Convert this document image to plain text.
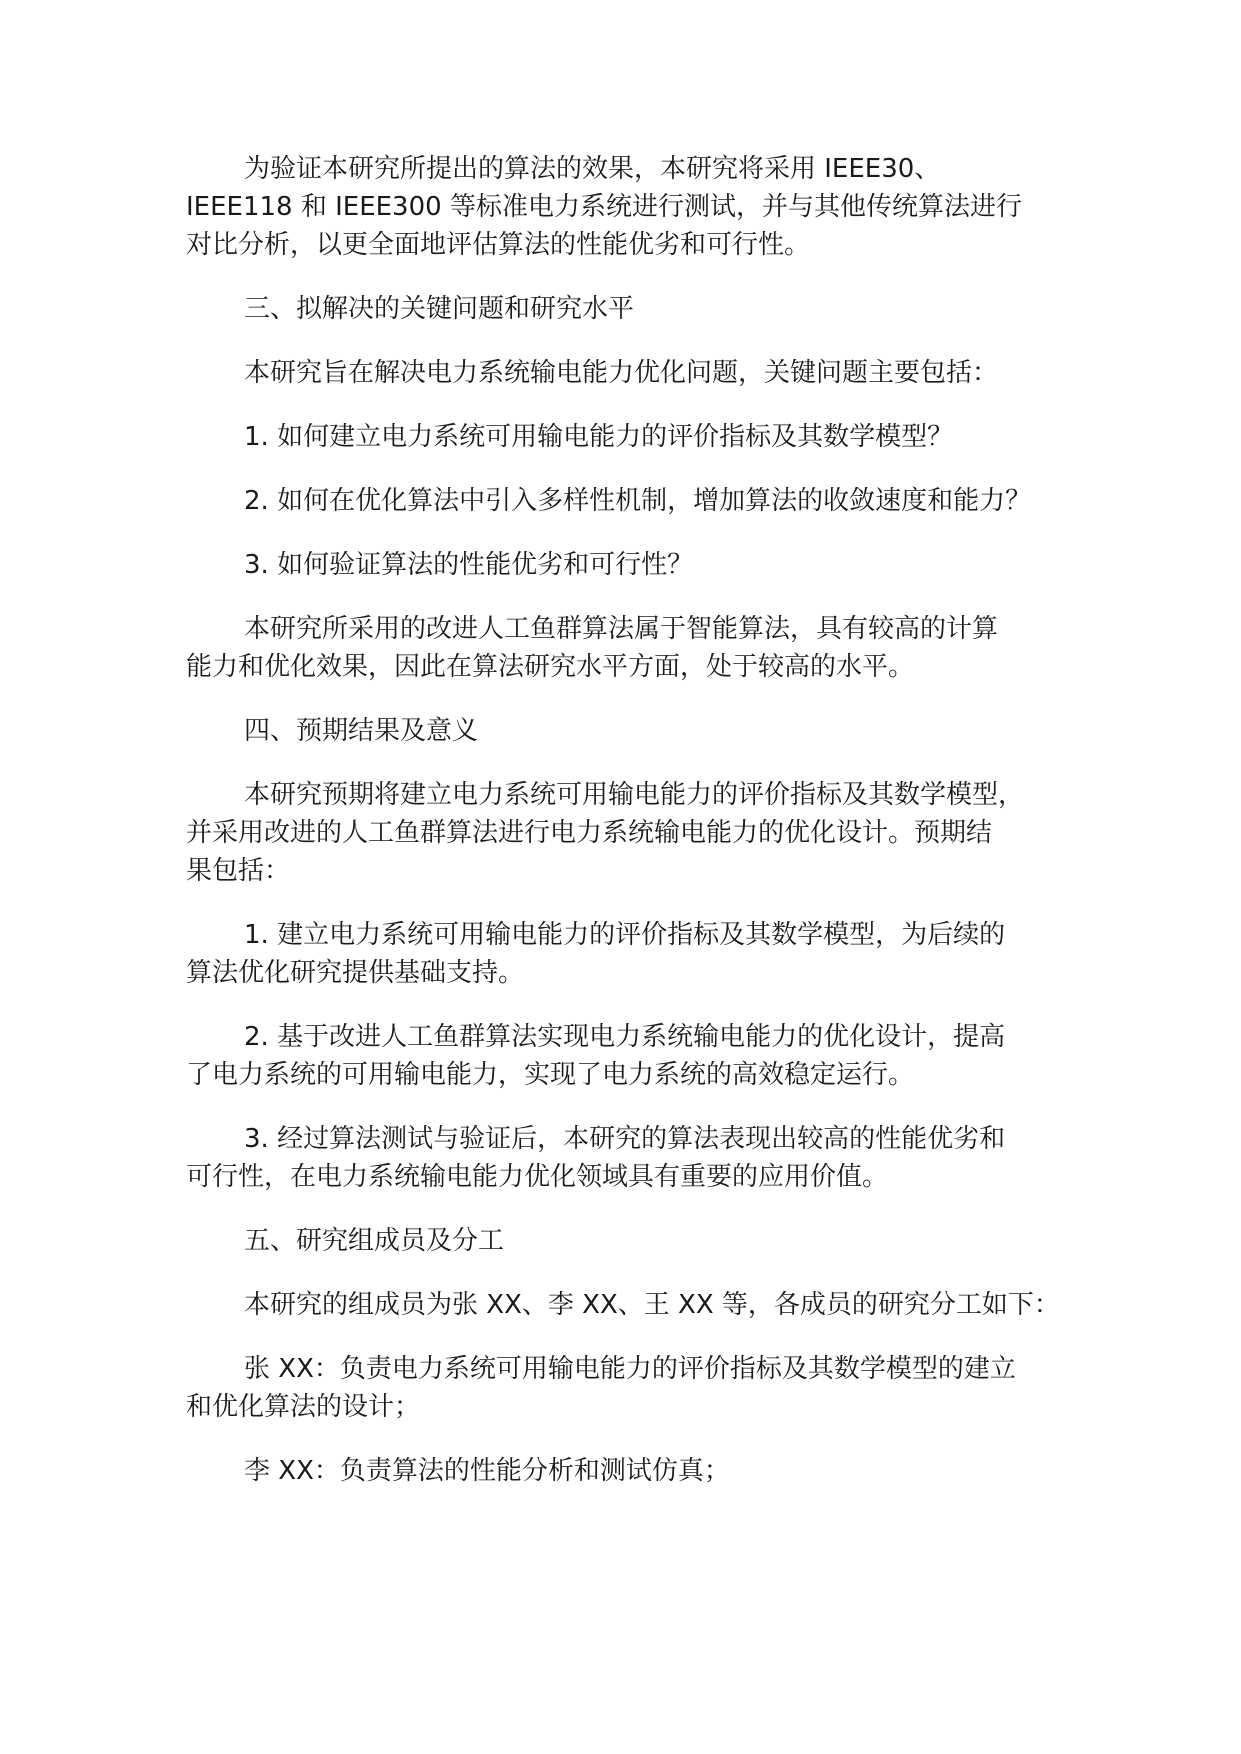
为验证本研究所提出的算法的效果，本研究将采用 IEEE30、
IEEE118 和 IEEE300 等标准电力系统进行测试，并与其他传统算法进行
对比分析，以更全面地评估算法的性能优劣和可行性。

三、拟解决的关键问题和研究水平

本研究旨在解决电力系统输电能力优化问题，关键问题主要包括：

1. 如何建立电力系统可用输电能力的评价指标及其数学模型？

2. 如何在优化算法中引入多样性机制，增加算法的收敛速度和能力？

3. 如何验证算法的性能优劣和可行性？

本研究所采用的改进人工鱼群算法属于智能算法，具有较高的计算
能力和优化效果，因此在算法研究水平方面，处于较高的水平。

四、预期结果及意义

本研究预期将建立电力系统可用输电能力的评价指标及其数学模型，
并采用改进的人工鱼群算法进行电力系统输电能力的优化设计。预期结
果包括：

1. 建立电力系统可用输电能力的评价指标及其数学模型，为后续的
算法优化研究提供基础支持。

2. 基于改进人工鱼群算法实现电力系统输电能力的优化设计，提高
了电力系统的可用输电能力，实现了电力系统的高效稳定运行。

3. 经过算法测试与验证后，本研究的算法表现出较高的性能优劣和
可行性，在电力系统输电能力优化领域具有重要的应用价值。

五、研究组成员及分工

本研究的组成员为张 XX、李 XX、王 XX 等，各成员的研究分工如下：

张 XX：负责电力系统可用输电能力的评价指标及其数学模型的建立
和优化算法的设计；

李 XX：负责算法的性能分析和测试仿真；
